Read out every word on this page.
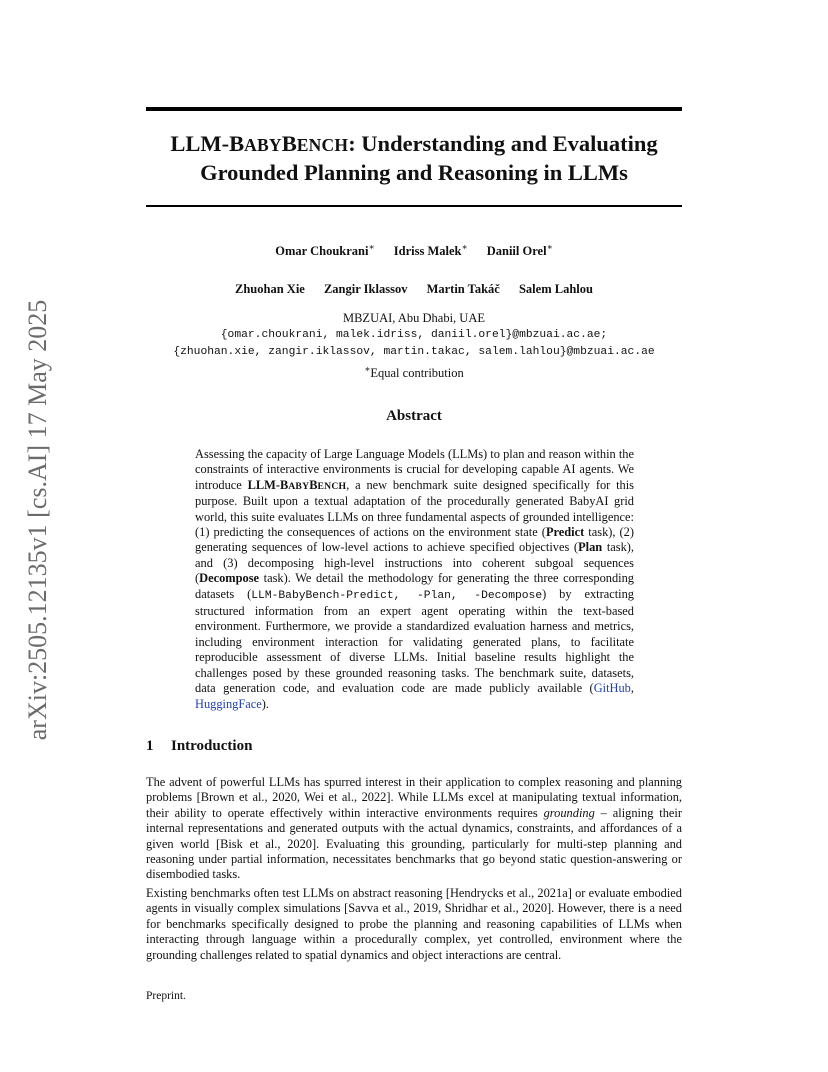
arXiv:2505.12135v1 [cs.AI] 17 May 2025
LLM-BABYBENCH: Understanding and Evaluating
Grounded Planning and Reasoning in LLMs
Omar Choukrani∗ Idriss Malek∗ Daniil Orel∗
Zhuohan Xie Zangir Iklassov Martin Takáč Salem Lahlou
MBZUAI, Abu Dhabi, UAE
{omar.choukrani, malek.idriss, daniil.orel}@mbzuai.ac.ae;
{zhuohan.xie, zangir.iklassov, martin.takac, salem.lahlou}@mbzuai.ac.ae
∗Equal contribution
Abstract
Assessing the capacity of Large Language Models (LLMs) to plan and reason within the constraints of interactive environments is crucial for developing capable AI agents. We introduce LLM-BABYBENCH, a new benchmark suite designed specifically for this purpose. Built upon a textual adaptation of the procedurally generated BabyAI grid world, this suite evaluates LLMs on three fundamental aspects of grounded intelligence: (1) predicting the consequences of actions on the environment state (Predict task), (2) generating sequences of low-level actions to achieve specified objectives (Plan task), and (3) decomposing high-level instructions into coherent subgoal sequences (Decompose task). We detail the methodology for generating the three corresponding datasets (LLM-BabyBench-Predict, -Plan, -Decompose) by extracting structured information from an expert agent operating within the text-based environment. Furthermore, we provide a standardized evaluation harness and metrics, including environment interaction for validating generated plans, to facilitate reproducible assessment of diverse LLMs. Initial baseline results highlight the challenges posed by these grounded reasoning tasks. The benchmark suite, datasets, data generation code, and evaluation code are made publicly available (GitHub, HuggingFace).
1 Introduction
The advent of powerful LLMs has spurred interest in their application to complex reasoning and planning problems [Brown et al., 2020, Wei et al., 2022]. While LLMs excel at manipulating textual information, their ability to operate effectively within interactive environments requires grounding – aligning their internal representations and generated outputs with the actual dynamics, constraints, and affordances of a given world [Bisk et al., 2020]. Evaluating this grounding, particularly for multi-step planning and reasoning under partial information, necessitates benchmarks that go beyond static question-answering or disembodied tasks.
Existing benchmarks often test LLMs on abstract reasoning [Hendrycks et al., 2021a] or evaluate embodied agents in visually complex simulations [Savva et al., 2019, Shridhar et al., 2020]. However, there is a need for benchmarks specifically designed to probe the planning and reasoning capabilities of LLMs when interacting through language within a procedurally complex, yet controlled, environment where the grounding challenges related to spatial dynamics and object interactions are central.
Preprint.
